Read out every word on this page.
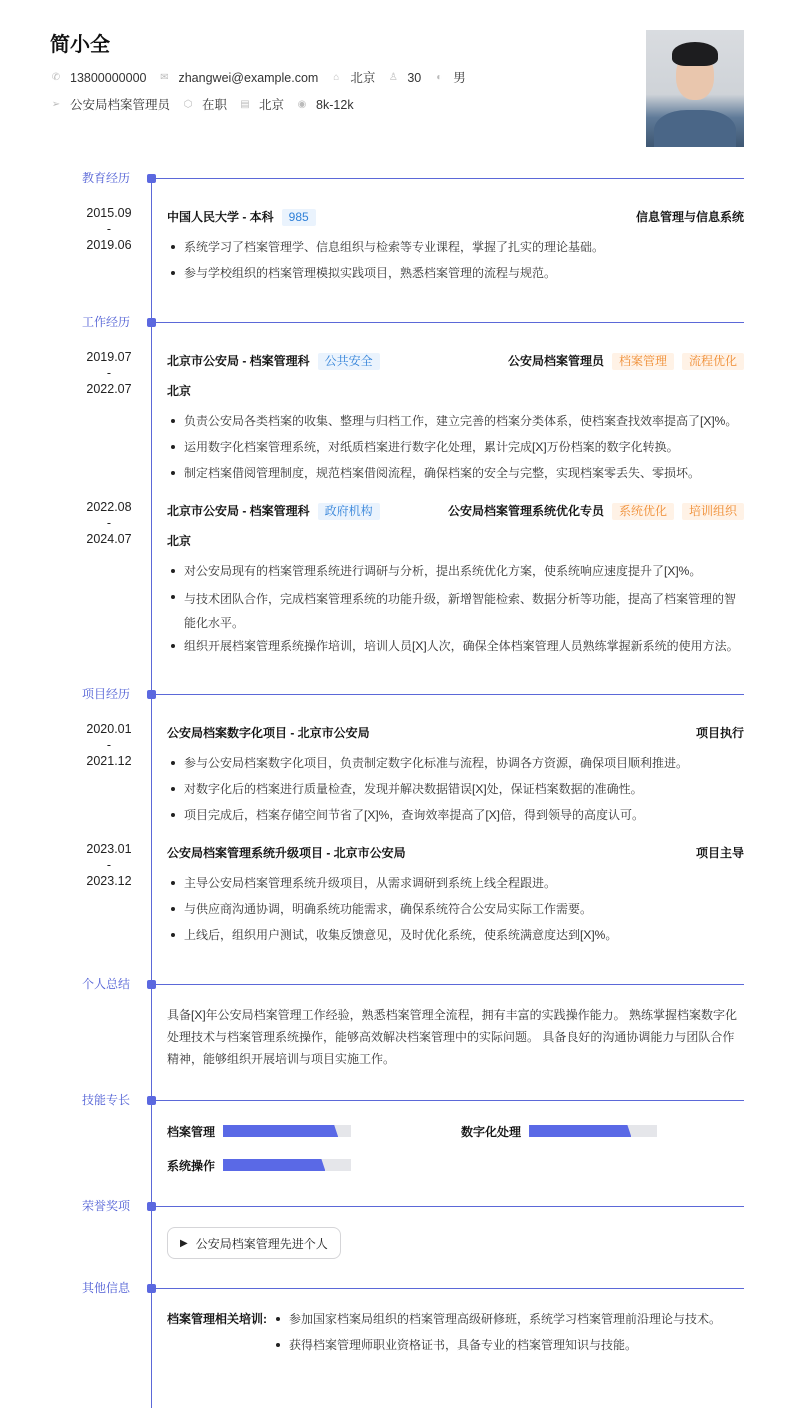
简小全
✆ 13800000000 ✉ zhangwei@example.com ⌂ 北京 ♙ 30 ◐ 男
➢ 公安局档案管理员 ⬡ 在职 ▤ 北京 ◉ 8k-12k
教育经历
2015.09
-
2019.06
中国人民大学 - 本科	985	信息管理与信息系统
系统学习了档案管理学、信息组织与检索等专业课程，掌握了扎实的理论基础。
参与学校组织的档案管理模拟实践项目，熟悉档案管理的流程与规范。
工作经历
2019.07
-
2022.07
北京市公安局 - 档案管理科	公共安全	公安局档案管理员	档案管理	流程优化
北京
负责公安局各类档案的收集、整理与归档工作，建立完善的档案分类体系，使档案查找效率提高了[X]%。
运用数字化档案管理系统，对纸质档案进行数字化处理，累计完成[X]万份档案的数字化转换。
制定档案借阅管理制度，规范档案借阅流程，确保档案的安全与完整，实现档案零丢失、零损坏。
2022.08
-
2024.07
北京市公安局 - 档案管理科	政府机构	公安局档案管理系统优化专员	系统优化	培训组织
北京
对公安局现有的档案管理系统进行调研与分析，提出系统优化方案，使系统响应速度提升了[X]%。
与技术团队合作，完成档案管理系统的功能升级，新增智能检索、数据分析等功能，提高了档案管理的智能化水平。
组织开展档案管理系统操作培训，培训人员[X]人次，确保全体档案管理人员熟练掌握新系统的使用方法。
项目经历
2020.01
-
2021.12
公安局档案数字化项目 - 北京市公安局	项目执行
参与公安局档案数字化项目，负责制定数字化标准与流程，协调各方资源，确保项目顺利推进。
对数字化后的档案进行质量检查，发现并解决数据错误[X]处，保证档案数据的准确性。
项目完成后，档案存储空间节省了[X]%，查询效率提高了[X]倍，得到领导的高度认可。
2023.01
-
2023.12
公安局档案管理系统升级项目 - 北京市公安局	项目主导
主导公安局档案管理系统升级项目，从需求调研到系统上线全程跟进。
与供应商沟通协调，明确系统功能需求，确保系统符合公安局实际工作需要。
上线后，组织用户测试，收集反馈意见，及时优化系统，使系统满意度达到[X]%。
个人总结
具备[X]年公安局档案管理工作经验，熟悉档案管理全流程，拥有丰富的实践操作能力。 熟练掌握档案数字化处理技术与档案管理系统操作，能够高效解决档案管理中的实际问题。 具备良好的沟通协调能力与团队合作精神，能够组织开展培训与项目实施工作。
技能专长
档案管理	数字化处理
系统操作
荣誉奖项
▶ 公安局档案管理先进个人
其他信息
档案管理相关培训:	参加国家档案局组织的档案管理高级研修班，系统学习档案管理前沿理论与技术。
获得档案管理师职业资格证书，具备专业的档案管理知识与技能。
